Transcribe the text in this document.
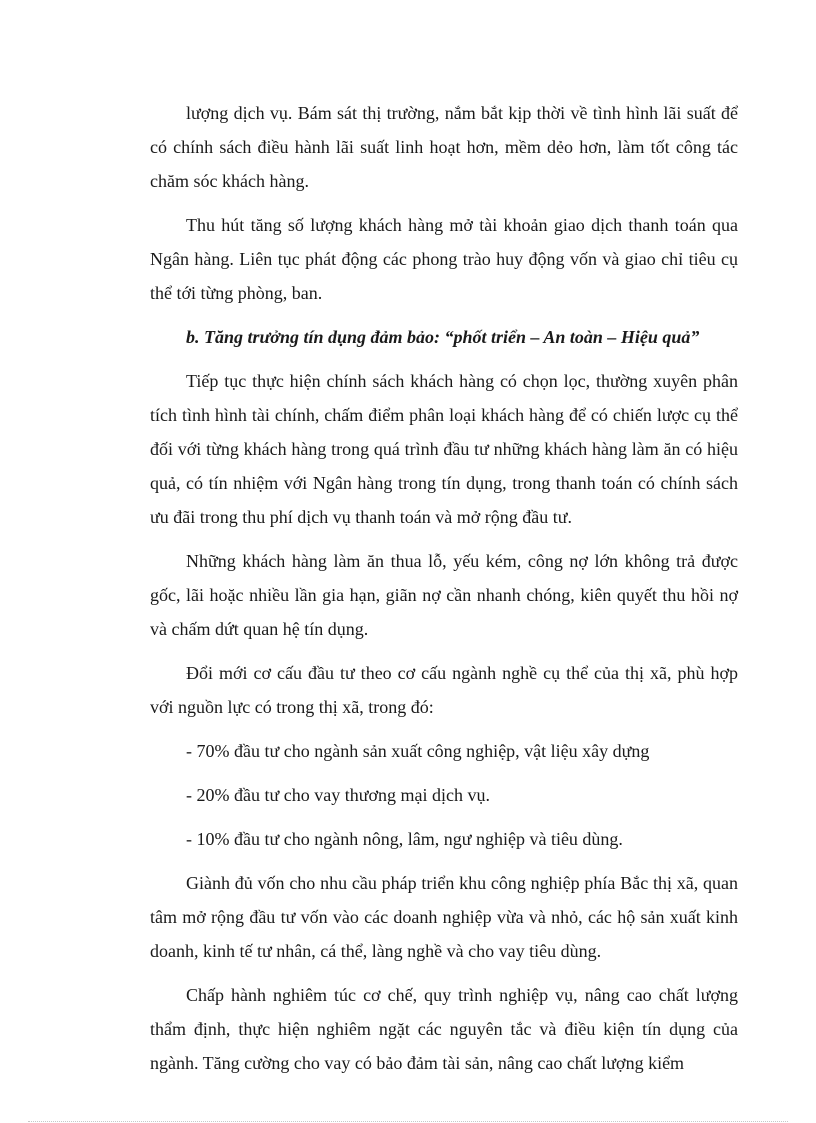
lượng dịch vụ. Bám sát thị trường, nắm bắt kịp thời về tình hình lãi suất để có chính sách điều hành lãi suất linh hoạt hơn, mềm dẻo hơn, làm tốt công tác chăm sóc khách hàng.

Thu hút tăng số lượng khách hàng mở tài khoản giao dịch thanh toán qua Ngân hàng. Liên tục phát động các phong trào huy động vốn và giao chỉ tiêu cụ thể tới từng phòng, ban.

b. Tăng trưởng tín dụng đảm bảo: “phốt triển – An toàn – Hiệu quả”

Tiếp tục thực hiện chính sách khách hàng có chọn lọc, thường xuyên phân tích tình hình tài chính, chấm điểm phân loại khách hàng để có chiến lược cụ thể đối với từng khách hàng trong quá trình đầu tư những khách hàng làm ăn có hiệu quả, có tín nhiệm với Ngân hàng trong tín dụng, trong thanh toán có chính sách ưu đãi trong thu phí dịch vụ thanh toán và mở rộng đầu tư.

Những khách hàng làm ăn thua lỗ, yếu kém, công nợ lớn không trả được gốc, lãi hoặc nhiều lần gia hạn, giãn nợ cần nhanh chóng, kiên quyết thu hồi nợ và chấm dứt quan hệ tín dụng.

Đổi mới cơ cấu đầu tư theo cơ cấu ngành nghề cụ thể của thị xã, phù hợp với nguồn lực có trong thị xã, trong đó:

- 70% đầu tư cho ngành sản xuất công nghiệp, vật liệu xây dựng

- 20% đầu tư cho vay thương mại dịch vụ.

- 10% đầu tư cho ngành nông, lâm, ngư nghiệp và tiêu dùng.

Giành đủ vốn cho nhu cầu pháp triển khu công nghiệp phía Bắc thị xã, quan tâm mở rộng đầu tư vốn vào các doanh nghiệp vừa và nhỏ, các hộ sản xuất kinh doanh, kinh tế tư nhân, cá thể, làng nghề và cho vay tiêu dùng.

Chấp hành nghiêm túc cơ chế, quy trình nghiệp vụ, nâng cao chất lượng thẩm định, thực hiện nghiêm ngặt các nguyên tắc và điều kiện tín dụng của ngành. Tăng cường cho vay có bảo đảm tài sản, nâng cao chất lượng kiểm
